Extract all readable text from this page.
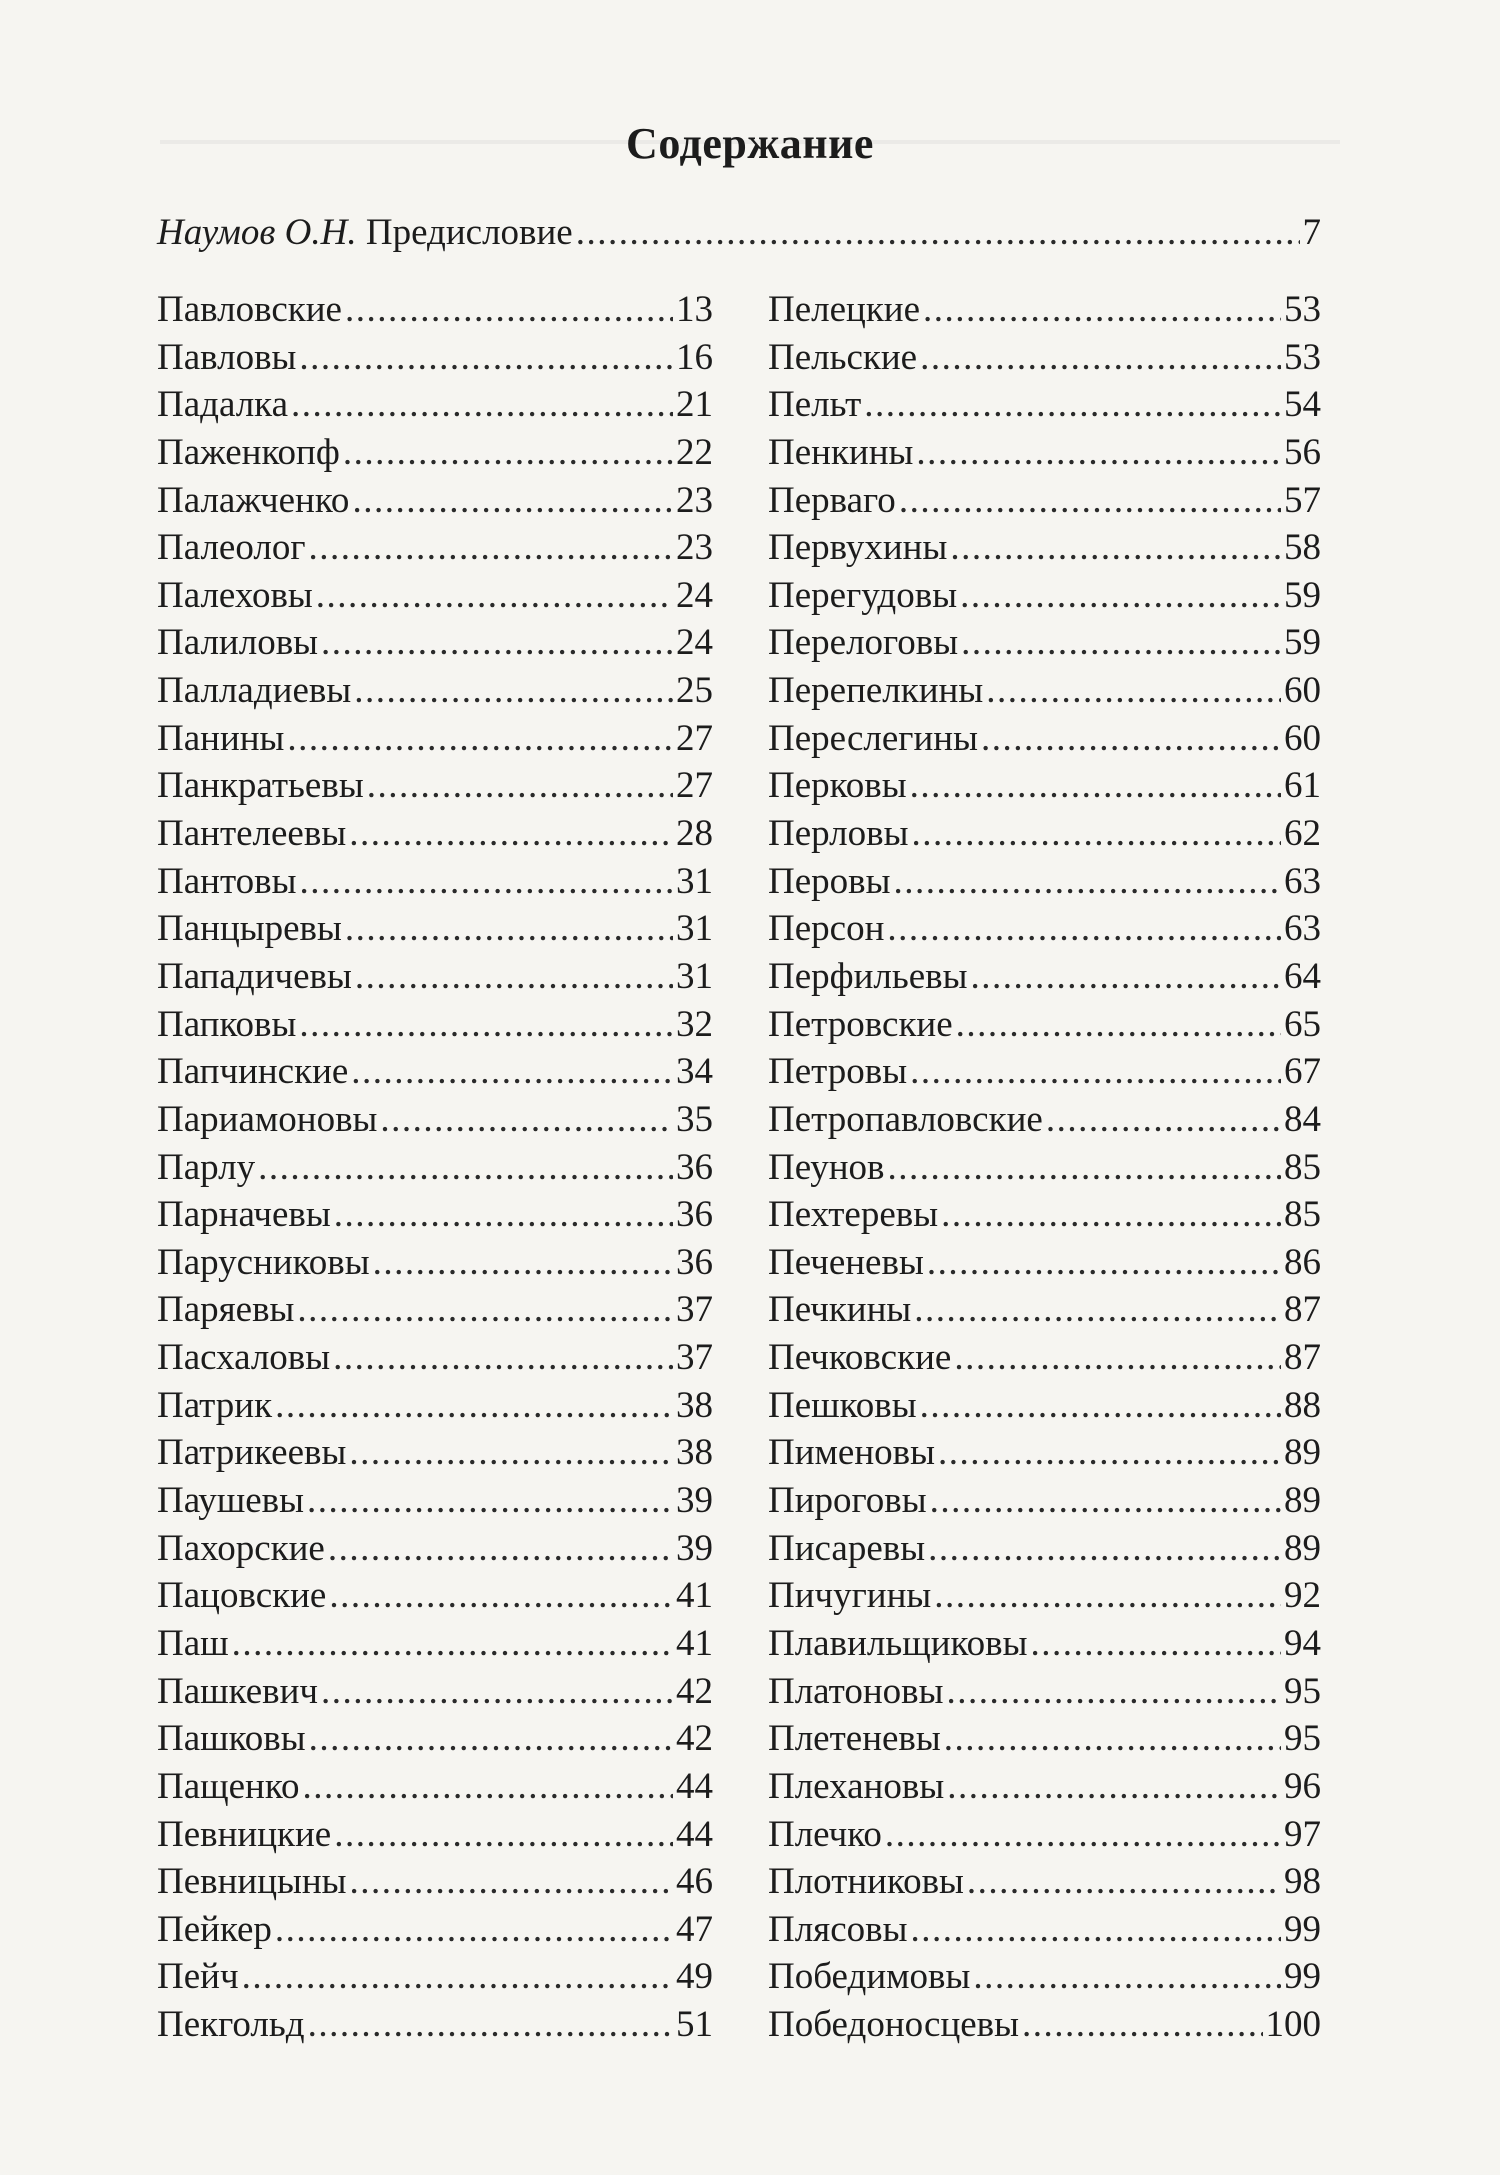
Содержание
Наумов О.Н. Предисловие .....	7
Павловские .....	13
Павловы .....	16
Падалка .....	21
Паженкопф .....	22
Палажченко .....	23
Палеолог .....	23
Палеховы .....	24
Палиловы .....	24
Палладиевы .....	25
Панины .....	27
Панкратьевы .....	27
Пантелеевы .....	28
Пантовы .....	31
Панцыревы .....	31
Пападичевы .....	31
Папковы .....	32
Папчинские .....	34
Париамоновы .....	35
Парлу .....	36
Парначевы .....	36
Парусниковы .....	36
Паряевы .....	37
Пасхаловы .....	37
Патрик .....	38
Патрикеевы .....	38
Паушевы .....	39
Пахорские .....	39
Пацовские .....	41
Паш .....	41
Пашкевич .....	42
Пашковы .....	42
Пащенко .....	44
Певницкие .....	44
Певницыны .....	46
Пейкер .....	47
Пейч .....	49
Пекгольд .....	51
Пелецкие .....	53
Пельские .....	53
Пельт .....	54
Пенкины .....	56
Перваго .....	57
Первухины .....	58
Перегудовы .....	59
Перелоговы .....	59
Перепелкины .....	60
Переслегины .....	60
Перковы .....	61
Перловы .....	62
Перовы .....	63
Персон .....	63
Перфильевы .....	64
Петровские .....	65
Петровы .....	67
Петропавловские .....	84
Пеунов .....	85
Пехтеревы .....	85
Печеневы .....	86
Печкины .....	87
Печковские .....	87
Пешковы .....	88
Пименовы .....	89
Пироговы .....	89
Писаревы .....	89
Пичугины .....	92
Плавильщиковы .....	94
Платоновы .....	95
Плетеневы .....	95
Плехановы .....	96
Плечко .....	97
Плотниковы .....	98
Плясовы .....	99
Победимовы .....	99
Победоносцевы .....	100
